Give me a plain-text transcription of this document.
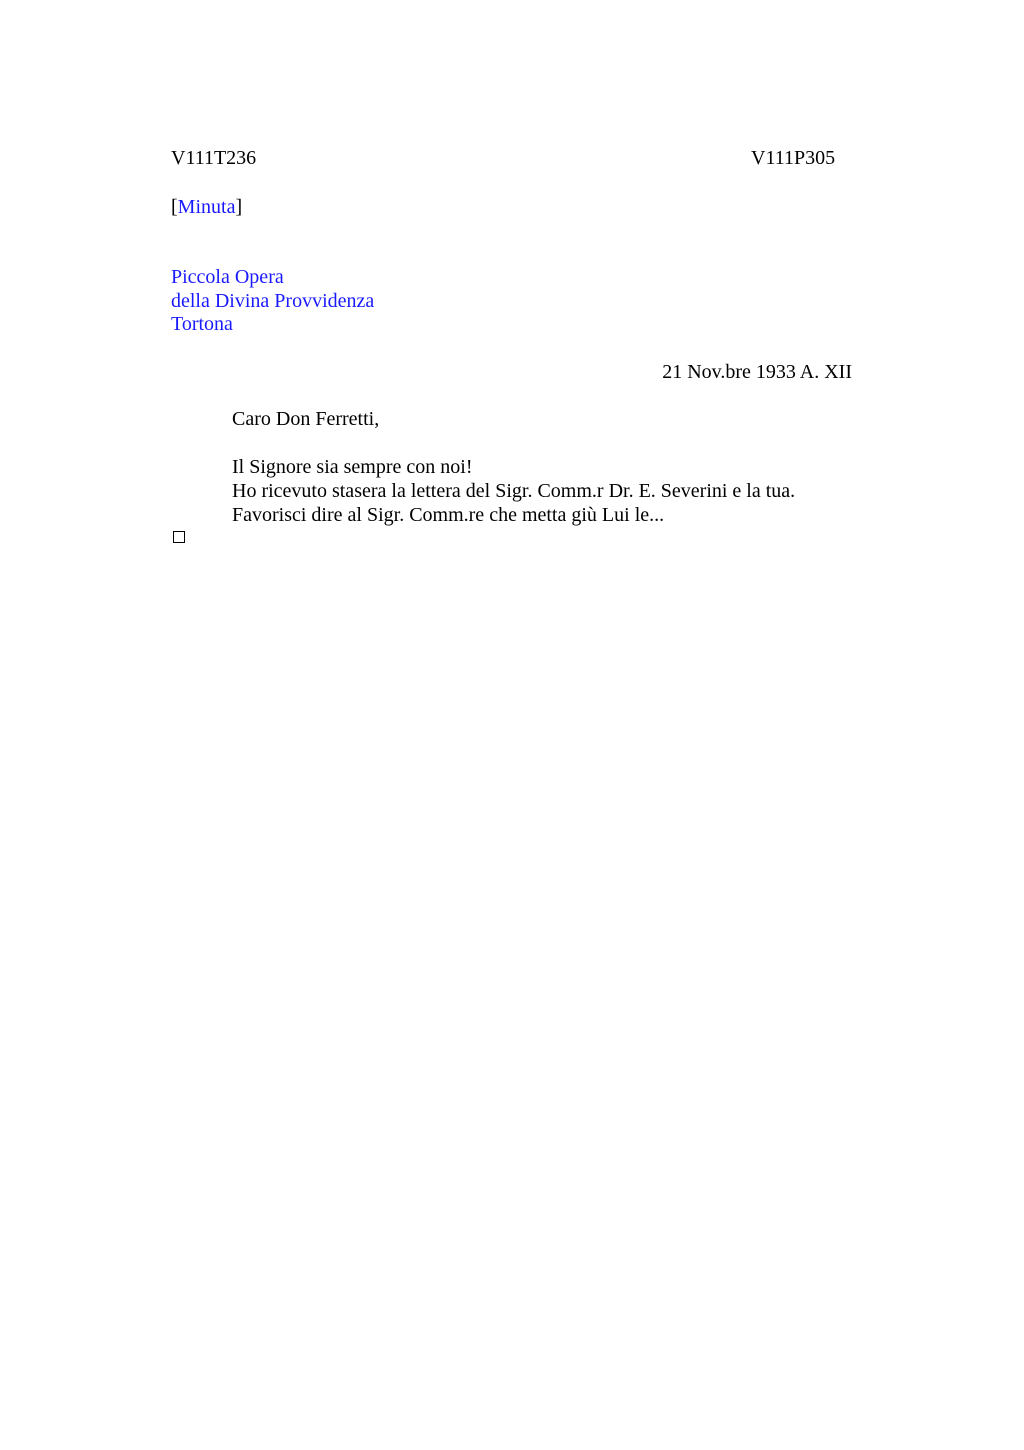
V111T236	V111P305
[Minuta]
Piccola Opera
della Divina Provvidenza
Tortona
21 Nov.bre 1933 A. XII
Caro Don Ferretti,
Il Signore sia sempre con noi!
Ho ricevuto stasera la lettera del Sigr. Comm.r Dr. E. Severini e la tua.
Favorisci dire al Sigr. Comm.re che metta giù Lui le...
